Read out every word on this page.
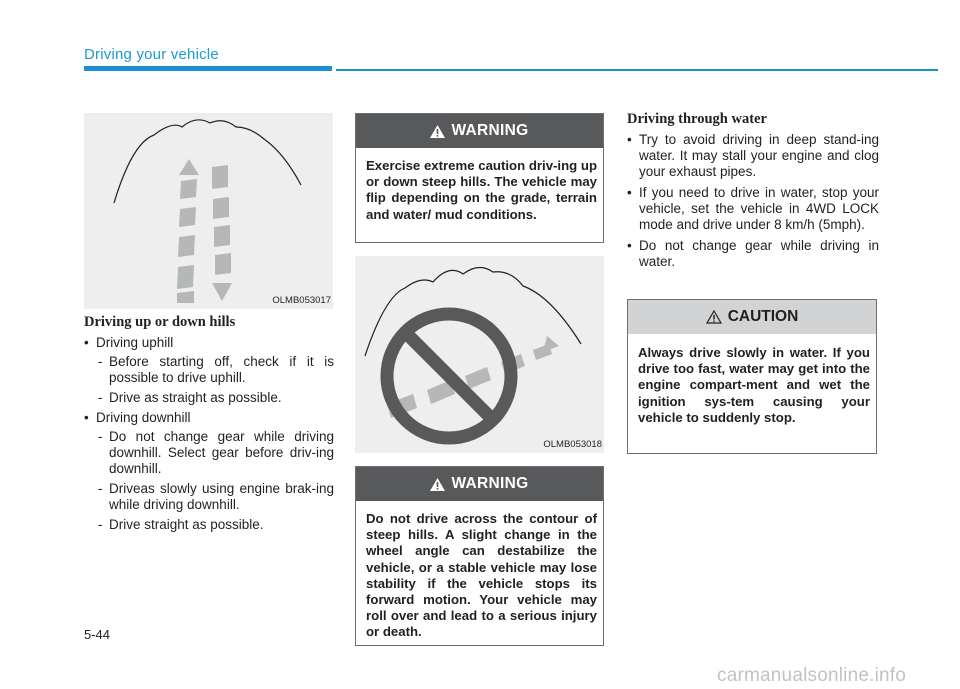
Driving your vehicle
OLMB053017
OLMB053018
Driving up or down hills
• Driving uphill
- Before starting off, check if it is possible to drive uphill.
- Drive as straight as possible.
• Driving downhill
- Do not change gear while driving downhill. Select gear before driv-ing downhill.
- Driveas slowly using engine brak-ing while driving downhill.
- Drive straight as possible.
WARNING
Exercise extreme caution driv-ing up or down steep hills. The vehicle may flip depending on the grade, terrain and water/ mud conditions.
WARNING
Do not drive across the contour of steep hills. A slight change in the wheel angle can destabilize the vehicle, or a stable vehicle may lose stability if the vehicle stops its forward motion. Your vehicle may roll over and lead to a serious injury or death.
Driving through water
• Try to avoid driving in deep stand-ing water. It may stall your engine and clog your exhaust pipes.
• If you need to drive in water, stop your vehicle, set the vehicle in 4WD LOCK mode and drive under 8 km/h (5mph).
• Do not change gear while driving in water.
CAUTION
Always drive slowly in water. If you drive too fast, water may get into the engine compart-ment and wet the ignition sys-tem causing your vehicle to suddenly stop.
5-44
carmanualsonline.info
